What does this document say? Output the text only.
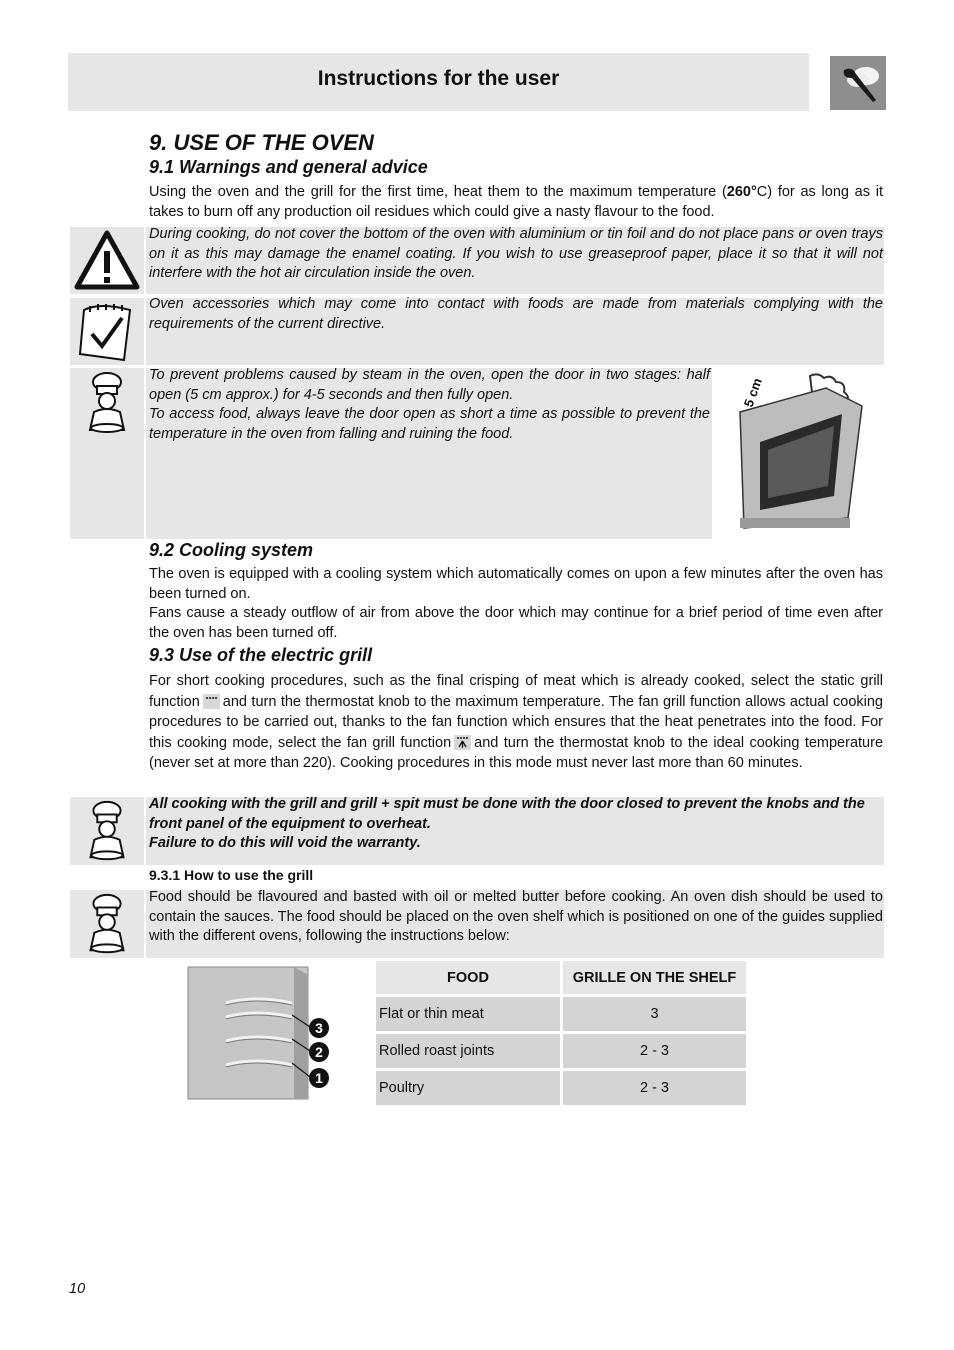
Instructions for the user
9. USE OF THE OVEN
9.1 Warnings and general advice
Using the oven and the grill for the first time, heat them to the maximum temperature (260°C) for as long as it takes to burn off any production oil residues which could give a nasty flavour to the food.
During cooking, do not cover the bottom of the oven with aluminium or tin foil and do not place pans or oven trays on it as this may damage the enamel coating. If you wish to use greaseproof paper, place it so that it will not interfere with the hot air circulation inside the oven.
Oven accessories which may come into contact with foods are made from materials complying with the requirements of the current directive.
To prevent problems caused by steam in the oven, open the door in two stages: half open (5 cm approx.) for 4-5 seconds and then fully open.
To access food, always leave the door open as short a time as possible to prevent the temperature in the oven from falling and ruining the food.
5 cm
9.2 Cooling system
The oven is equipped with a cooling system which automatically comes on upon a few minutes after the oven has been turned on.
Fans cause a steady outflow of air from above the door which may continue for a brief period of time even after the oven has been turned off.
9.3 Use of the electric grill
For short cooking procedures, such as the final crisping of meat which is already cooked, select the static grill function and turn the thermostat knob to the maximum temperature. The fan grill function allows actual cooking procedures to be carried out, thanks to the fan function which ensures that the heat penetrates into the food. For this cooking mode, select the fan grill function and turn the thermostat knob to the ideal cooking temperature (never set at more than 220). Cooking procedures in this mode must never last more than 60 minutes.
All cooking with the grill and grill + spit must be done with the door closed to prevent the knobs and the front panel of the equipment to overheat.
Failure to do this will void the warranty.
9.3.1 How to use the grill
Food should be flavoured and basted with oil or melted butter before cooking. An oven dish should be used to contain the sauces. The food should be placed on the oven shelf which is positioned on one of the guides supplied with the different ovens, following the instructions below:
3
2
1
FOOD	GRILLE ON THE SHELF
Flat or thin meat	3
Rolled roast joints	2 - 3
Poultry	2 - 3
10
